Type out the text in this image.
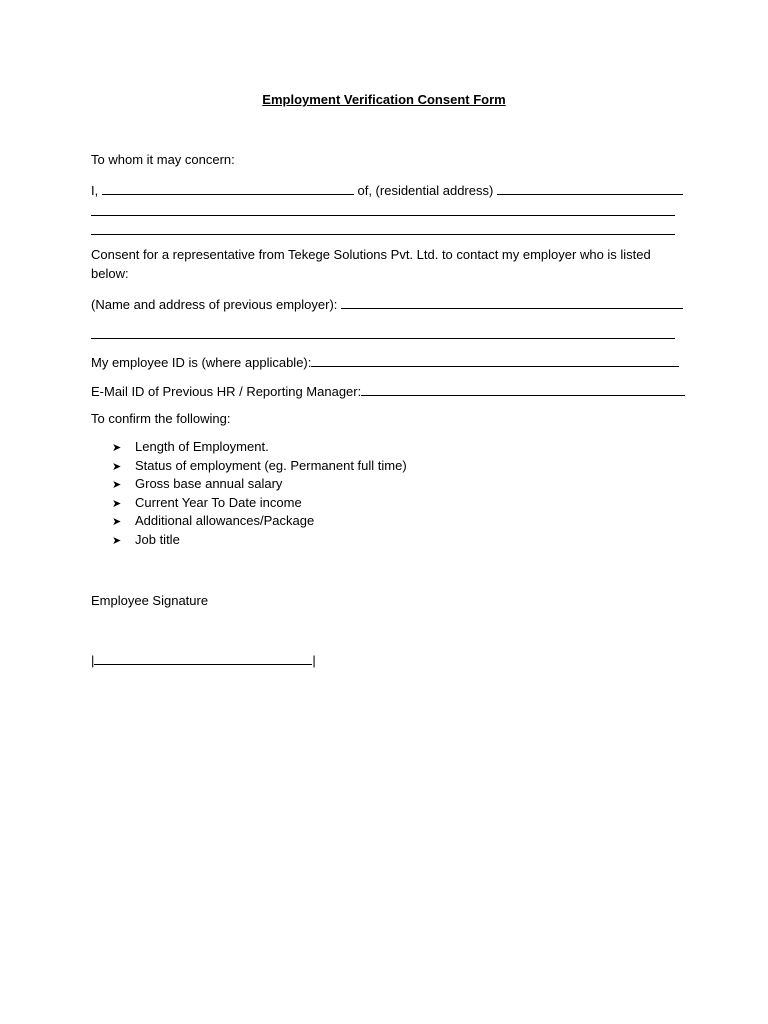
Employment Verification Consent Form
To whom it may concern:
I,	of, (residential address)
Consent for a representative from Tekege Solutions Pvt. Ltd. to contact my employer who is listed
below:
(Name and address of previous employer):
My employee ID is (where applicable):
E-Mail ID of Previous HR / Reporting Manager:
To confirm the following:
➤ Length of Employment.
➤ Status of employment (eg. Permanent full time)
➤ Gross base annual salary
➤ Current Year To Date income
➤ Additional allowances/Package
➤ Job title
Employee Signature
|	|
